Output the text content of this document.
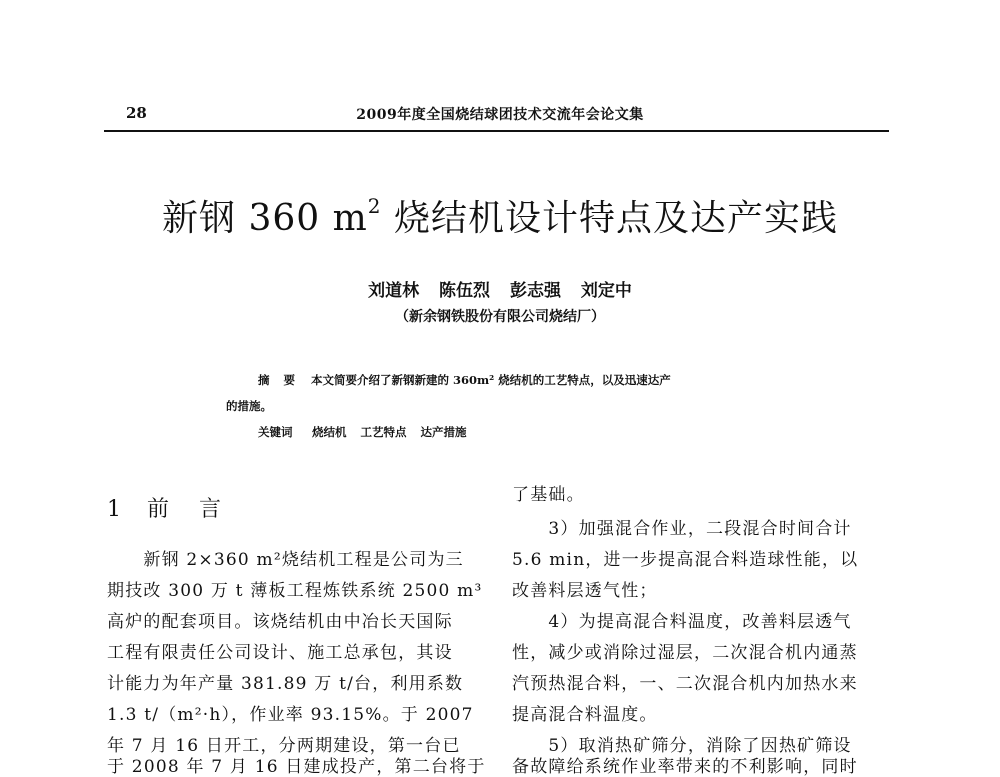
28	2009年度全国烧结球团技术交流年会论文集
新钢 360 $m^2$ 烧结机设计特点及达产实践
刘道林 陈伍烈 彭志强 刘定中
（新余钢铁股份有限公司烧结厂）
摘 要 本文简要介绍了新钢新建的 360m² 烧结机的工艺特点，以及迅速达产
的措施。
关键词 烧结机 工艺特点 达产措施
1 前 言
　　新钢 2×360 m²烧结机工程是公司为三
期技改 300 万 t 薄板工程炼铁系统 2500 m³
高炉的配套项目。该烧结机由中冶长天国际
工程有限责任公司设计、施工总承包，其设
计能力为年产量 381.89 万 t/台，利用系数
1.3 t/（m²·h），作业率 93.15%。于 2007
年 7 月 16 日开工，分两期建设，第一台已
于 2008 年 7 月 16 日建成投产，第二台将于
了基础。
　　3）加强混合作业，二段混合时间合计
5.6 min，进一步提高混合料造球性能，以
改善料层透气性；
　　4）为提高混合料温度，改善料层透气
性，减少或消除过湿层，二次混合机内通蒸
汽预热混合料，一、二次混合机内加热水来
提高混合料温度。
　　5）取消热矿筛分，消除了因热矿筛设
备故障给系统作业率带来的不利影响，同时
